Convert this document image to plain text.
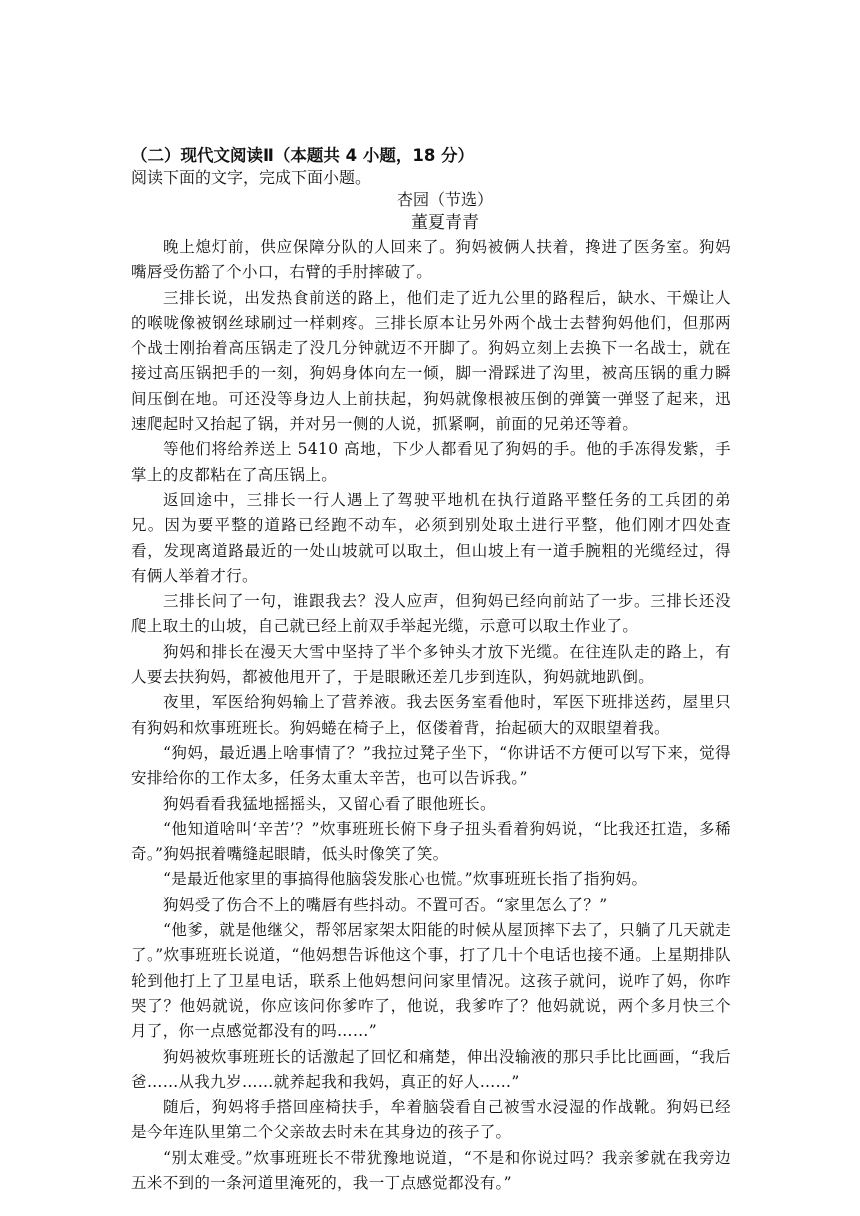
（二）现代文阅读Ⅱ（本题共 4 小题，18 分）

阅读下面的文字，完成下面小题。

杏园（节选）

董夏青青

晚上熄灯前，供应保障分队的人回来了。狗妈被俩人扶着，搀进了医务室。狗妈嘴唇受伤豁了个小口，右臂的手肘摔破了。

三排长说，出发热食前送的路上，他们走了近九公里的路程后，缺水、干燥让人的喉咙像被钢丝球刷过一样刺疼。三排长原本让另外两个战士去替狗妈他们，但那两个战士刚抬着高压锅走了没几分钟就迈不开脚了。狗妈立刻上去换下一名战士，就在接过高压锅把手的一刻，狗妈身体向左一倾，脚一滑踩进了沟里，被高压锅的重力瞬间压倒在地。可还没等身边人上前扶起，狗妈就像根被压倒的弹簧一弹竖了起来，迅速爬起时又抬起了锅，并对另一侧的人说，抓紧啊，前面的兄弟还等着。

等他们将给养送上 5410 高地，下少人都看见了狗妈的手。他的手冻得发紫，手掌上的皮都粘在了高压锅上。

返回途中，三排长一行人遇上了驾驶平地机在执行道路平整任务的工兵团的弟兄。因为要平整的道路已经跑不动车，必须到别处取土进行平整，他们刚才四处查看，发现离道路最近的一处山坡就可以取土，但山坡上有一道手腕粗的光缆经过，得有俩人举着才行。

三排长问了一句，谁跟我去？没人应声，但狗妈已经向前站了一步。三排长还没爬上取土的山坡，自己就已经上前双手举起光缆，示意可以取土作业了。

狗妈和排长在漫天大雪中坚持了半个多钟头才放下光缆。在往连队走的路上，有人要去扶狗妈，都被他甩开了，于是眼瞅还差几步到连队，狗妈就地趴倒。

夜里，军医给狗妈输上了营养液。我去医务室看他时，军医下班排送药，屋里只有狗妈和炊事班班长。狗妈蜷在椅子上，伛偻着背，抬起硕大的双眼望着我。

“狗妈，最近遇上啥事情了？”我拉过凳子坐下，“你讲话不方便可以写下来，觉得安排给你的工作太多，任务太重太辛苦，也可以告诉我。”

狗妈看看我猛地摇摇头，又留心看了眼他班长。

“他知道啥叫‘辛苦’？”炊事班班长俯下身子扭头看着狗妈说，“比我还扛造，多稀奇。”狗妈抿着嘴缝起眼睛，低头时像笑了笑。

“是最近他家里的事搞得他脑袋发胀心也慌。”炊事班班长指了指狗妈。

狗妈受了伤合不上的嘴唇有些抖动。不置可否。“家里怎么了？”

“他爹，就是他继父，帮邻居家架太阳能的时候从屋顶摔下去了，只躺了几天就走了。”炊事班班长说道，“他妈想告诉他这个事，打了几十个电话也接不通。上星期排队轮到他打上了卫星电话，联系上他妈想问问家里情况。这孩子就问，说咋了妈，你咋哭了？他妈就说，你应该问你爹咋了，他说，我爹咋了？他妈就说，两个多月快三个月了，你一点感觉都没有的吗……”

狗妈被炊事班班长的话激起了回忆和痛楚，伸出没输液的那只手比比画画，“我后爸……从我九岁……就养起我和我妈，真正的好人……”

随后，狗妈将手搭回座椅扶手，牟着脑袋看自己被雪水浸湿的作战靴。狗妈已经是今年连队里第二个父亲故去时未在其身边的孩子了。

“别太难受。”炊事班班长不带犹豫地说道，“不是和你说过吗？我亲爹就在我旁边五米不到的一条河道里淹死的，我一丁点感觉都没有。”
